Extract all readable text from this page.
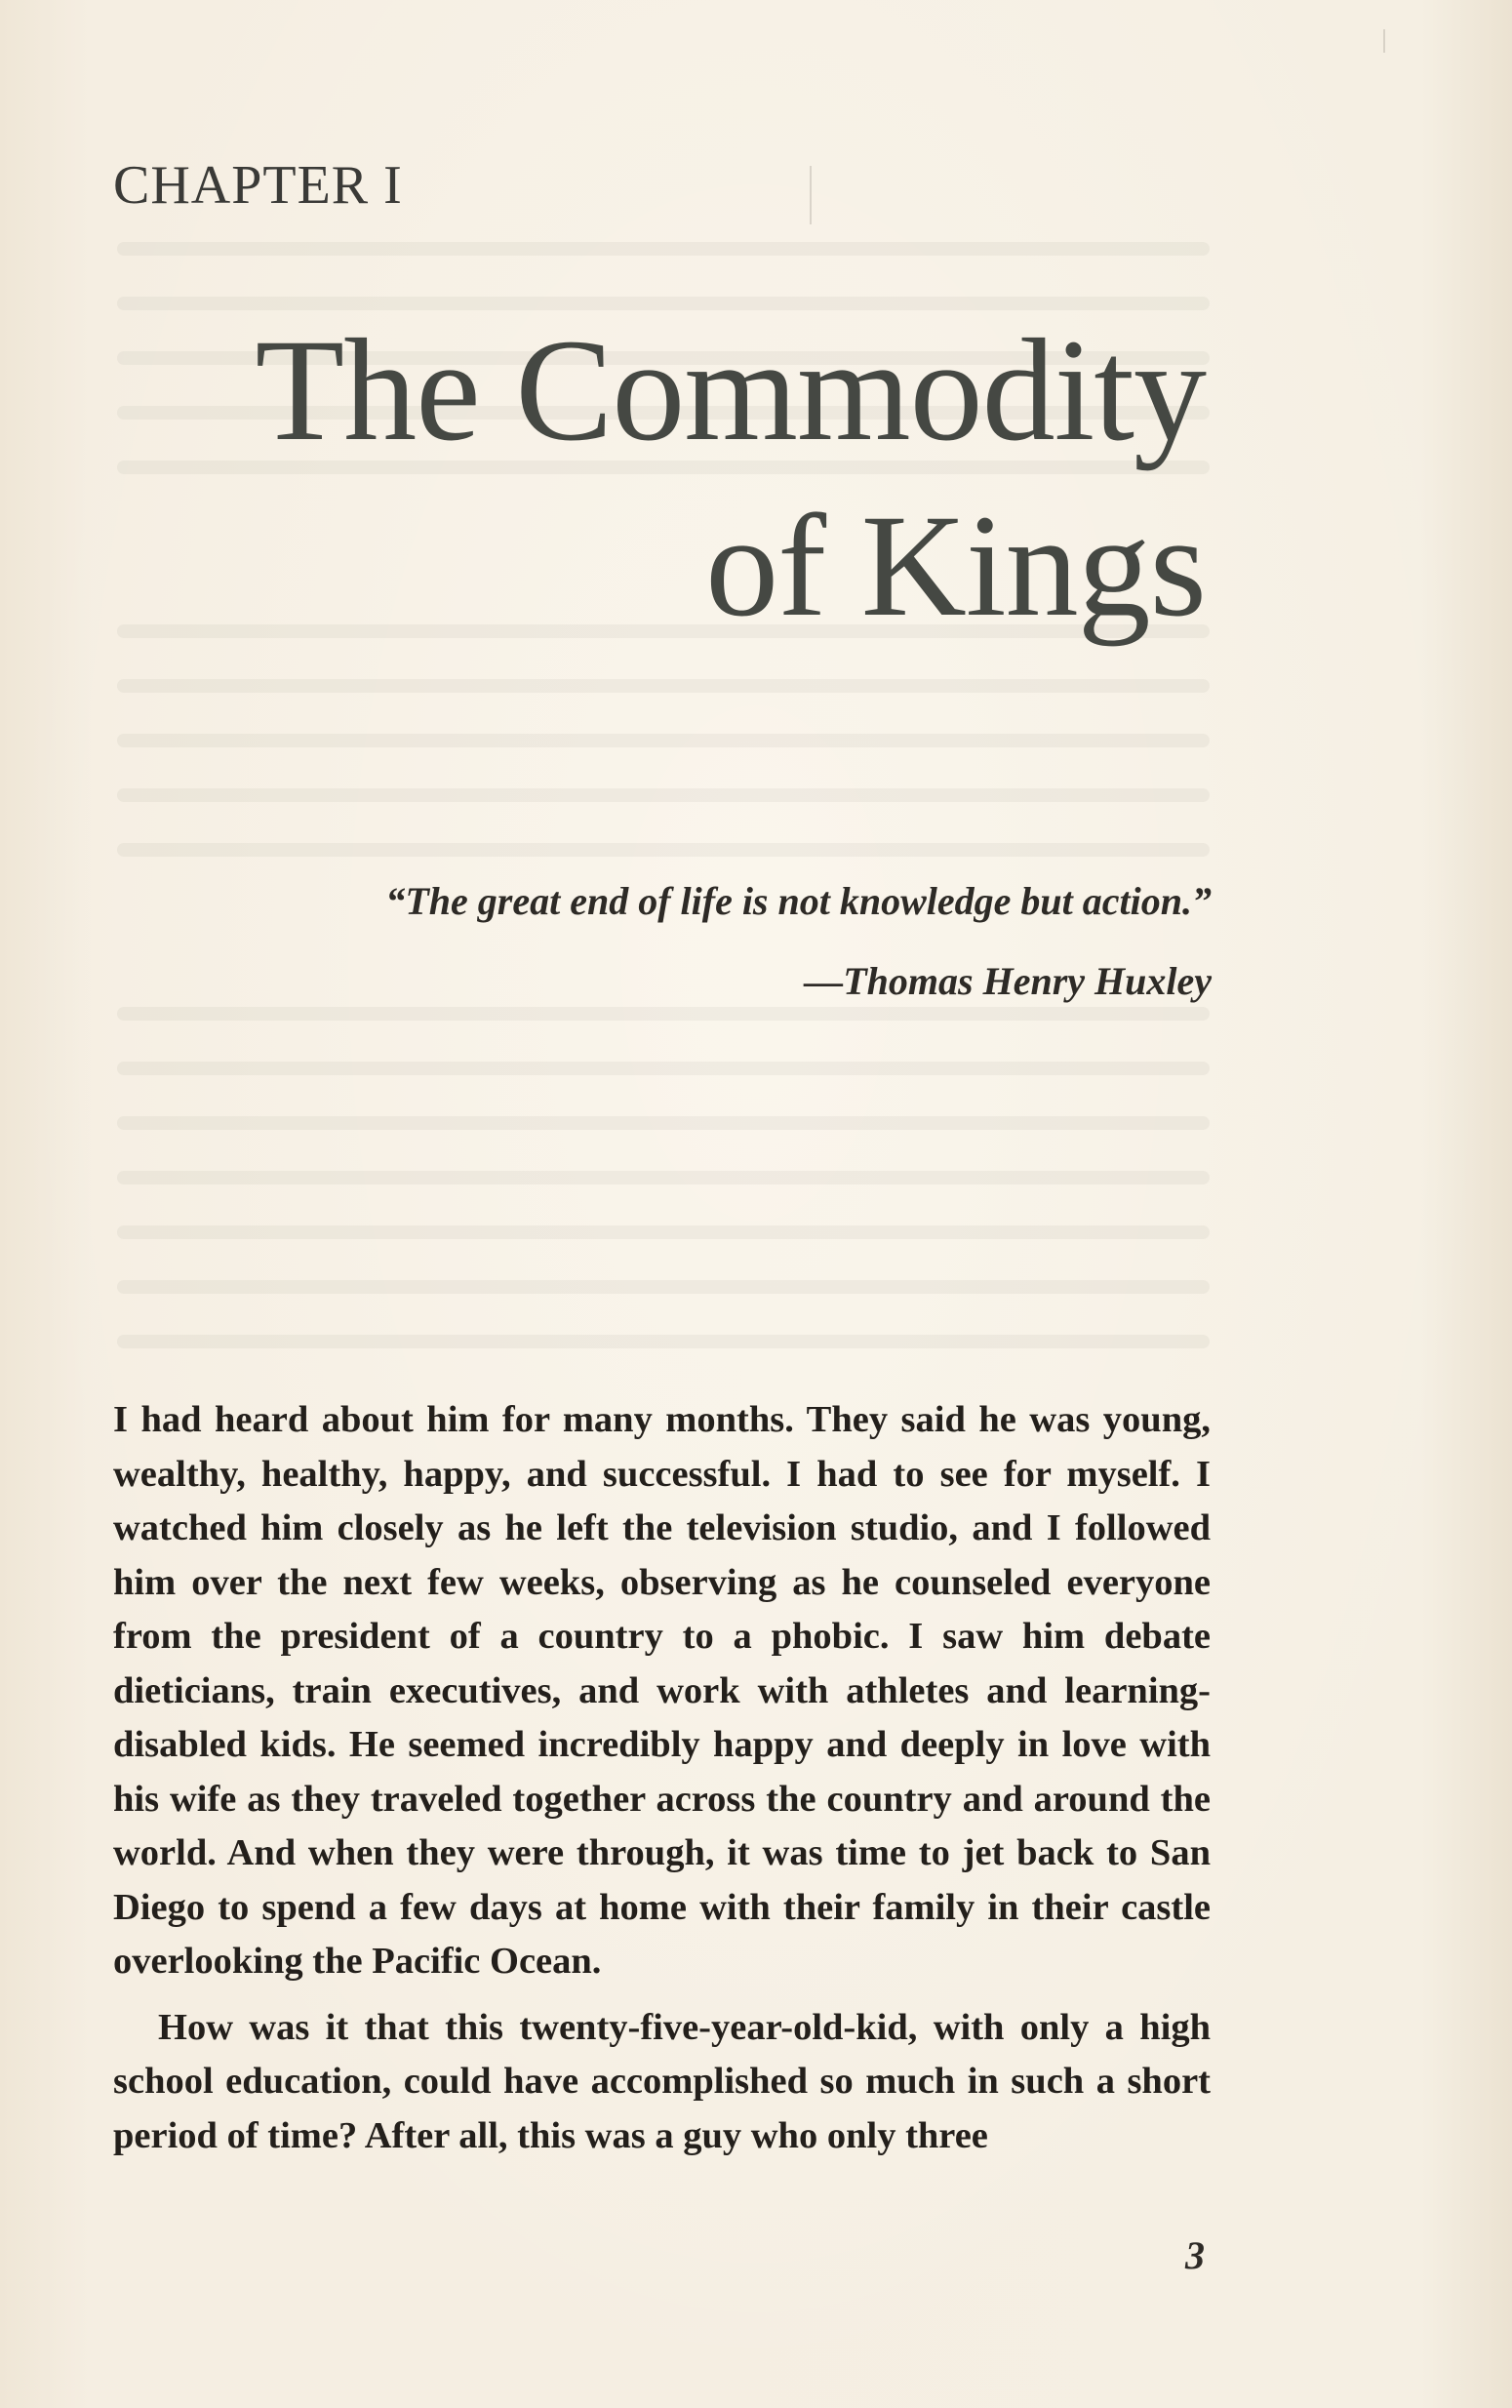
CHAPTER I
The Commodity
of Kings
“The great end of life is not knowledge but action.”
—Thomas Henry Huxley

I had heard about him for many months. They said he was young, wealthy, healthy, happy, and successful. I had to see for myself. I watched him closely as he left the television studio, and I followed him over the next few weeks, observing as he counseled everyone from the president of a country to a phobic. I saw him debate dieticians, train executives, and work with athletes and learning-disabled kids. He seemed incredibly happy and deeply in love with his wife as they traveled together across the country and around the world. And when they were through, it was time to jet back to San Diego to spend a few days at home with their family in their castle overlooking the Pacific Ocean.

How was it that this twenty-five-year-old-kid, with only a high school education, could have accomplished so much in such a short period of time? After all, this was a guy who only three

3
